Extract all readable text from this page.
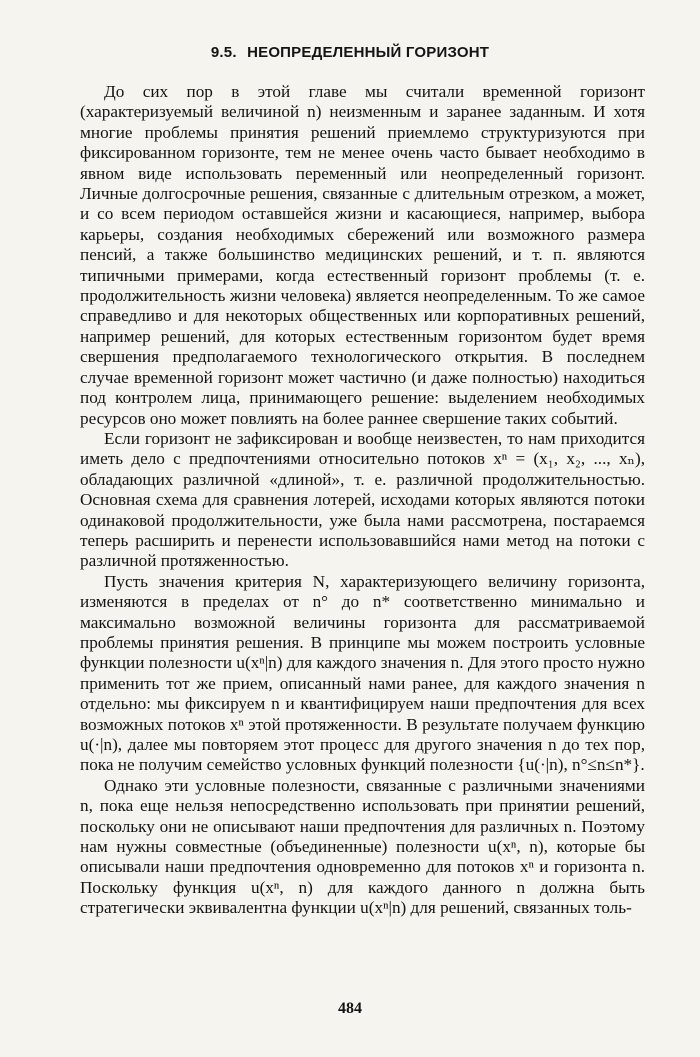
9.5. НЕОПРЕДЕЛЕННЫЙ ГОРИЗОНТ

До сих пор в этой главе мы считали временной горизонт (характеризуемый величиной n) неизменным и заранее заданным. И хотя многие проблемы принятия решений приемлемо структуризуются при фиксированном горизонте, тем не менее очень часто бывает необходимо в явном виде использовать переменный или неопределенный горизонт. Личные долгосрочные решения, связанные с длительным отрезком, а может, и со всем периодом оставшейся жизни и касающиеся, например, выбора карьеры, создания необходимых сбережений или возможного размера пенсий, а также большинство медицинских решений, и т. п. являются типичными примерами, когда естественный горизонт проблемы (т. е. продолжительность жизни человека) является неопределенным. То же самое справедливо и для некоторых общественных или корпоративных решений, например решений, для которых естественным горизонтом будет время свершения предполагаемого технологического открытия. В последнем случае временной горизонт может частично (и даже полностью) находиться под контролем лица, принимающего решение: выделением необходимых ресурсов оно может повлиять на более раннее свершение таких событий.

Если горизонт не зафиксирован и вообще неизвестен, то нам приходится иметь дело с предпочтениями относительно потоков xⁿ = (x₁, x₂, ..., xₙ), обладающих различной «длиной», т. е. различной продолжительностью. Основная схема для сравнения лотерей, исходами которых являются потоки одинаковой продолжительности, уже была нами рассмотрена, постараемся теперь расширить и перенести использовавшийся нами метод на потоки с различной протяженностью.

Пусть значения критерия N, характеризующего величину горизонта, изменяются в пределах от n° до n* соответственно минимально и максимально возможной величины горизонта для рассматриваемой проблемы принятия решения. В принципе мы можем построить условные функции полезности u(xⁿ|n) для каждого значения n. Для этого просто нужно применить тот же прием, описанный нами ранее, для каждого значения n отдельно: мы фиксируем n и квантифицируем наши предпочтения для всех возможных потоков xⁿ этой протяженности. В результате получаем функцию u(·|n), далее мы повторяем этот процесс для другого значения n до тех пор, пока не получим семейство условных функций полезности {u(·|n), n°≤n≤n*}.

Однако эти условные полезности, связанные с различными значениями n, пока еще нельзя непосредственно использовать при принятии решений, поскольку они не описывают наши предпочтения для различных n. Поэтому нам нужны совместные (объединенные) полезности u(xⁿ, n), которые бы описывали наши предпочтения одновременно для потоков xⁿ и горизонта n. Поскольку функция u(xⁿ, n) для каждого данного n должна быть стратегически эквивалентна функции u(xⁿ|n) для решений, связанных толь-

484
